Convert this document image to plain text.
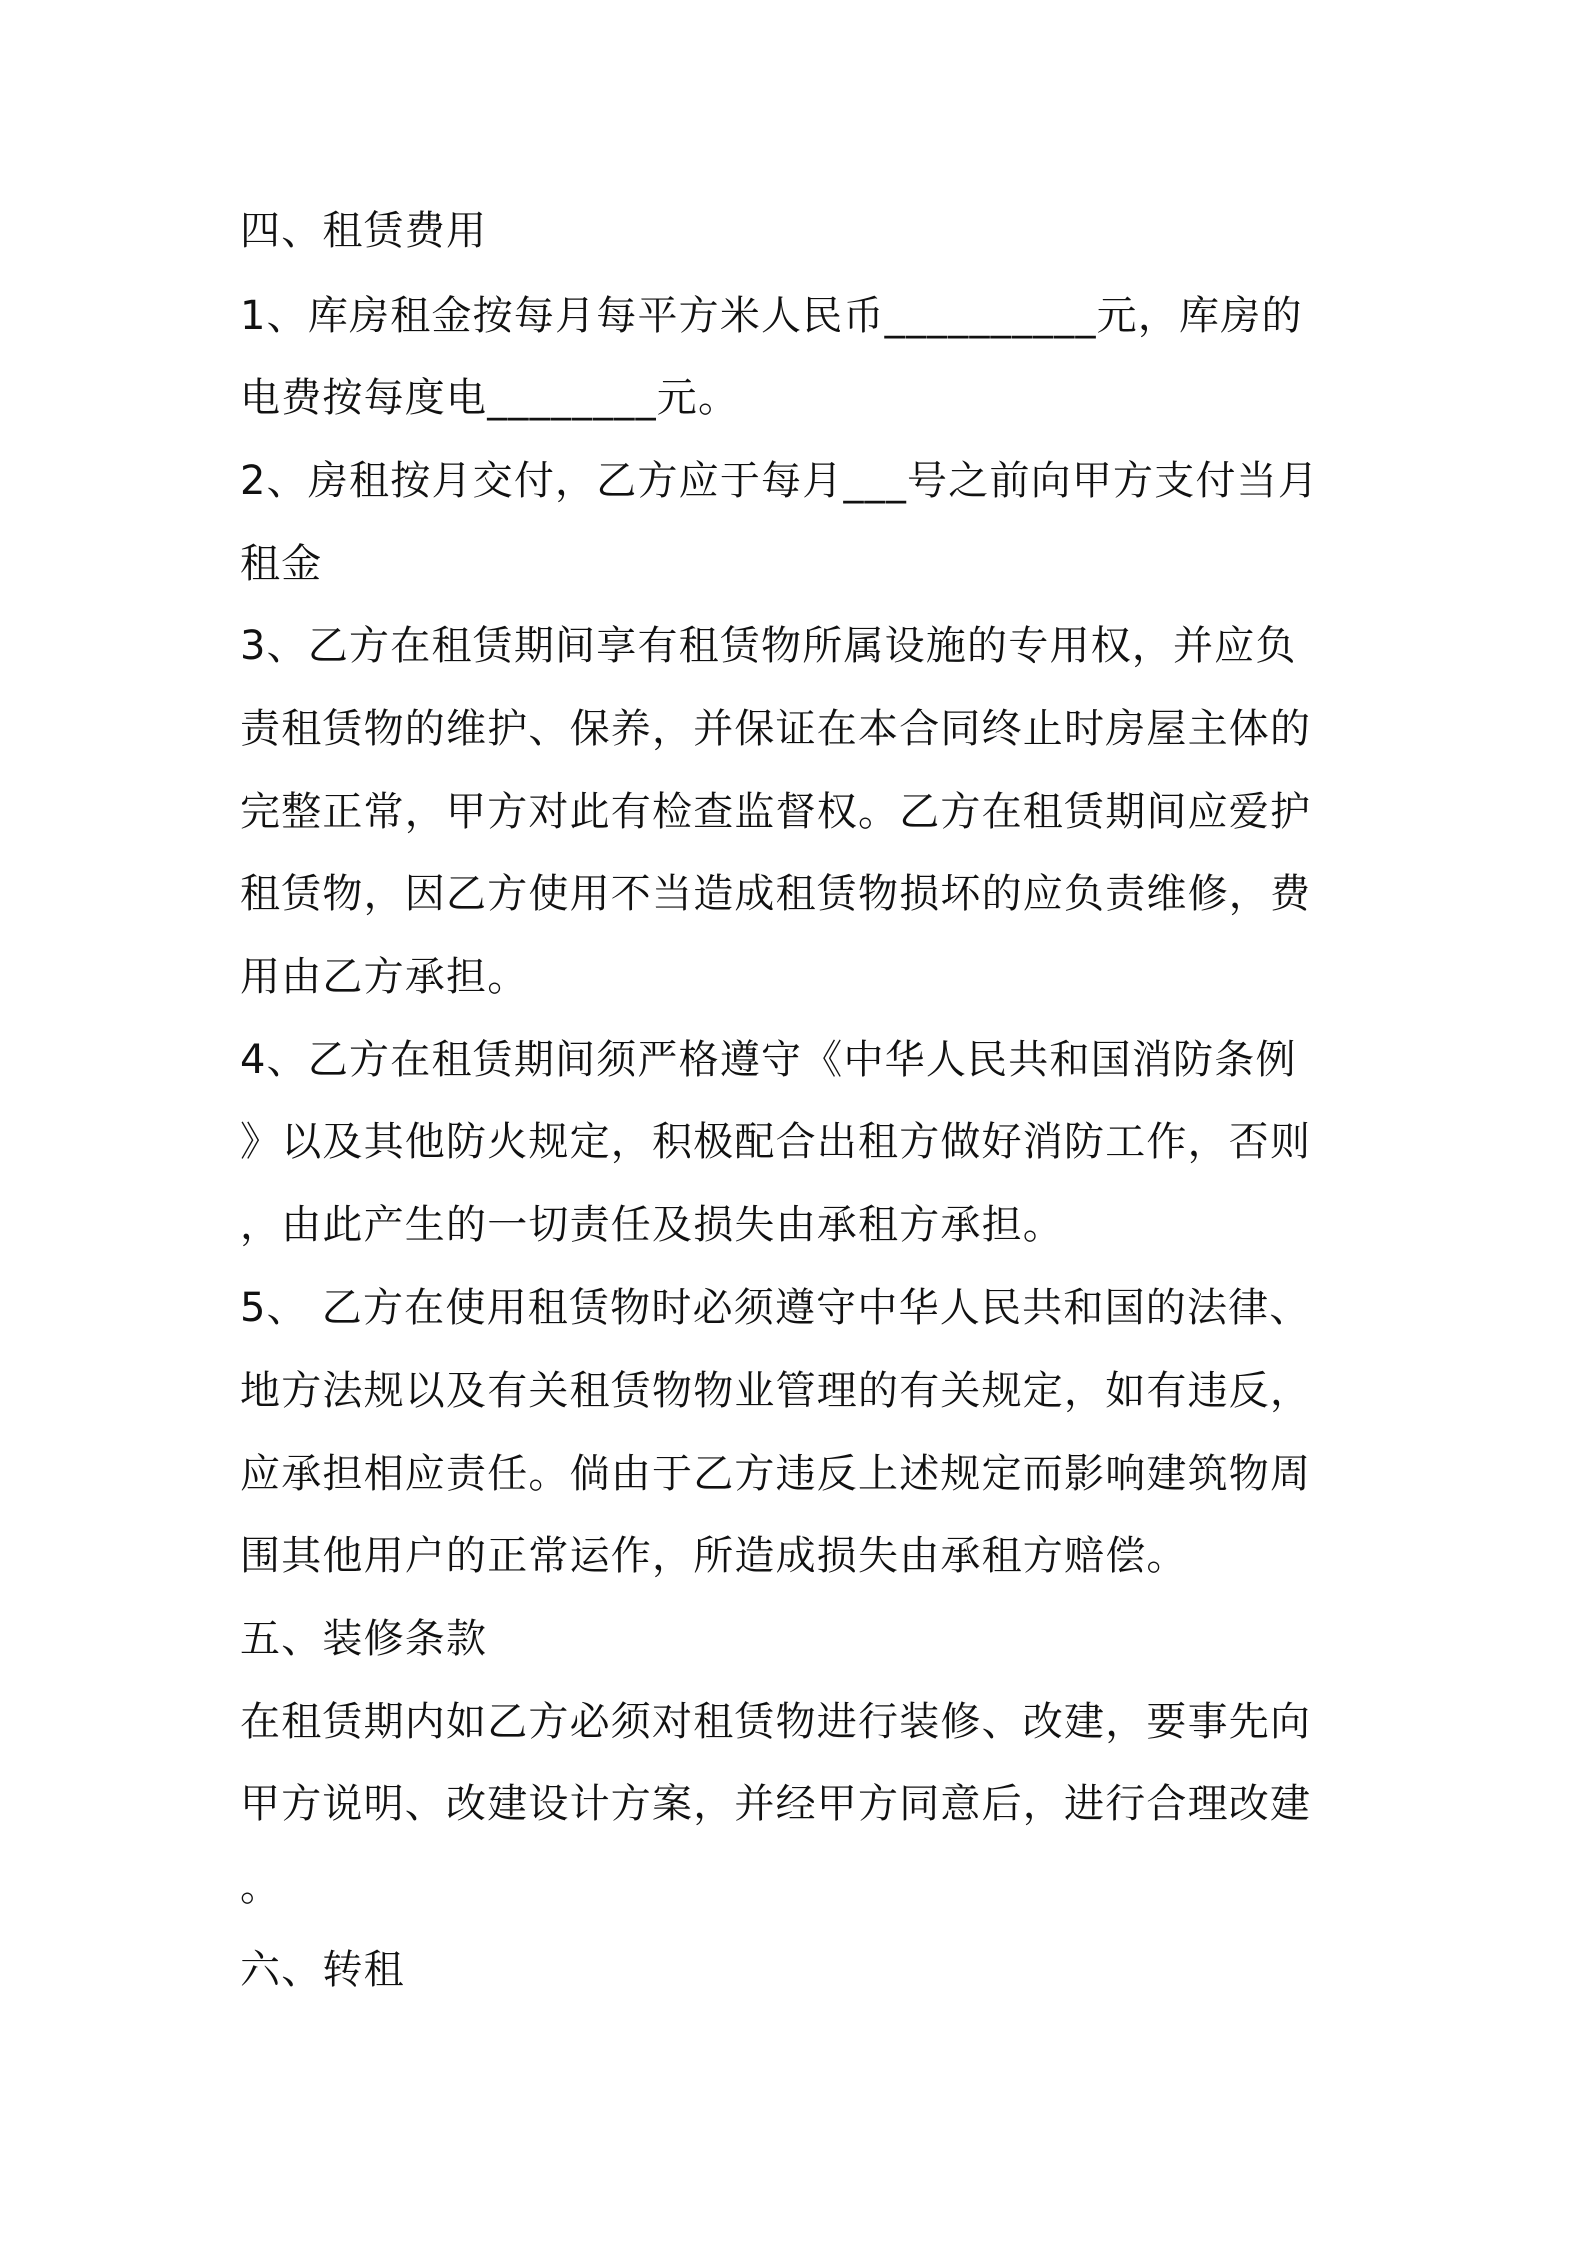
四、租赁费用
1、库房租金按每月每平方米人民币__________元，库房的
电费按每度电________元。
2、房租按月交付，乙方应于每月___号之前向甲方支付当月
租金
3、乙方在租赁期间享有租赁物所属设施的专用权，并应负
责租赁物的维护、保养，并保证在本合同终止时房屋主体的
完整正常，甲方对此有检查监督权。乙方在租赁期间应爱护
租赁物，因乙方使用不当造成租赁物损坏的应负责维修，费
用由乙方承担。
4、乙方在租赁期间须严格遵守《中华人民共和国消防条例
》以及其他防火规定，积极配合出租方做好消防工作，否则
，由此产生的一切责任及损失由承租方承担。
5、 乙方在使用租赁物时必须遵守中华人民共和国的法律、
地方法规以及有关租赁物物业管理的有关规定，如有违反，
应承担相应责任。倘由于乙方违反上述规定而影响建筑物周
围其他用户的正常运作，所造成损失由承租方赔偿。
五、装修条款
在租赁期内如乙方必须对租赁物进行装修、改建，要事先向
甲方说明、改建设计方案，并经甲方同意后，进行合理改建
。
六、转租
